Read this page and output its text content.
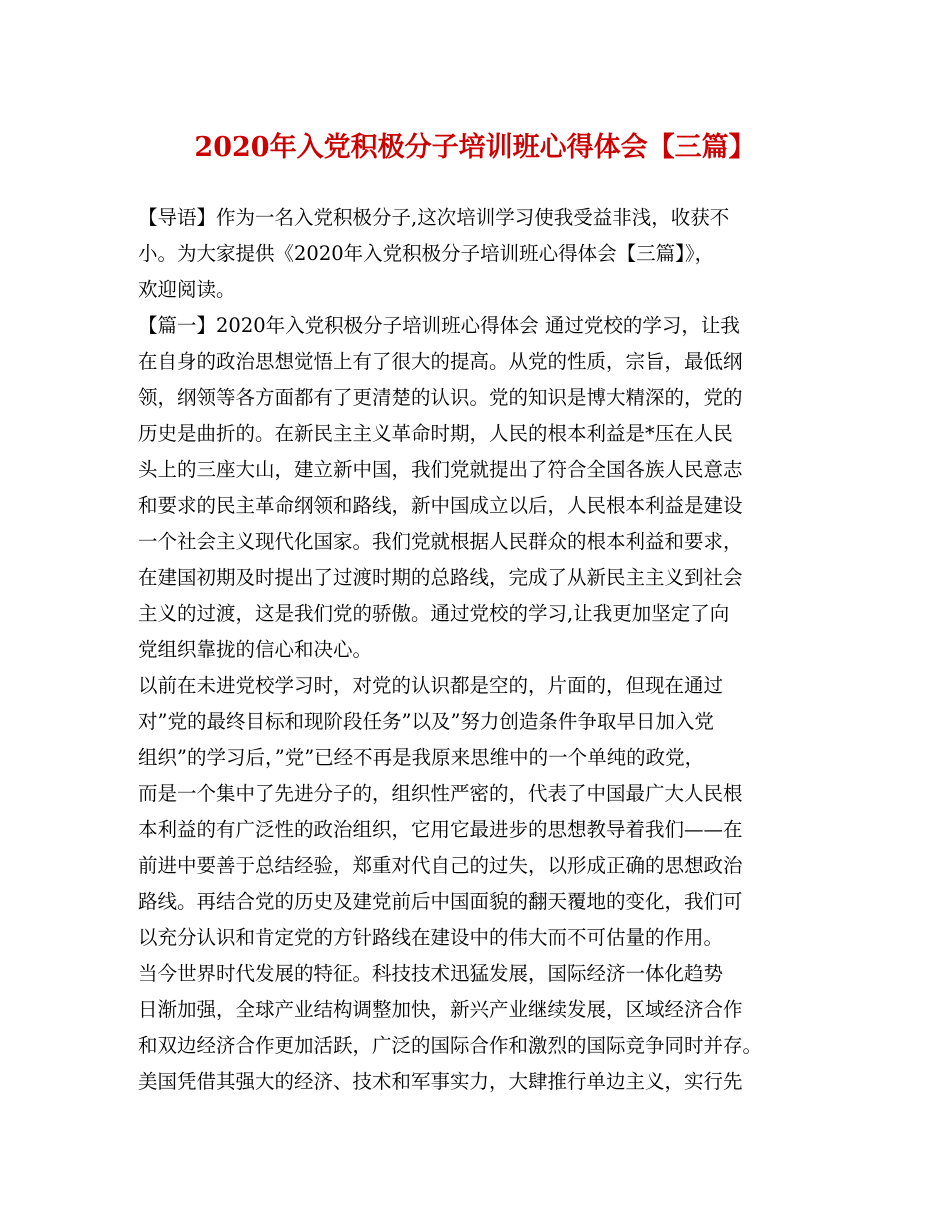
2020年入党积极分子培训班心得体会【三篇】
【导语】作为一名入党积极分子,这次培训学习使我受益非浅，收获不
小。为大家提供《2020年入党积极分子培训班心得体会【三篇】》，
欢迎阅读。
【篇一】2020年入党积极分子培训班心得体会 通过党校的学习，让我
在自身的政治思想觉悟上有了很大的提高。从党的性质，宗旨，最低纲
领，纲领等各方面都有了更清楚的认识。党的知识是博大精深的，党的
历史是曲折的。在新民主主义革命时期，人民的根本利益是*压在人民
头上的三座大山，建立新中国，我们党就提出了符合全国各族人民意志
和要求的民主革命纲领和路线，新中国成立以后，人民根本利益是建设
一个社会主义现代化国家。我们党就根据人民群众的根本利益和要求，
在建国初期及时提出了过渡时期的总路线，完成了从新民主主义到社会
主义的过渡，这是我们党的骄傲。通过党校的学习,让我更加坚定了向
党组织靠拢的信心和决心。
以前在未进党校学习时，对党的认识都是空的，片面的，但现在通过
对”党的最终目标和现阶段任务”以及”努力创造条件争取早日加入党
组织”的学习后，”党”已经不再是我原来思维中的一个单纯的政党，
而是一个集中了先进分子的，组织性严密的，代表了中国最广大人民根
本利益的有广泛性的政治组织，它用它最进步的思想教导着我们——在
前进中要善于总结经验，郑重对代自己的过失，以形成正确的思想政治
路线。再结合党的历史及建党前后中国面貌的翻天覆地的变化，我们可
以充分认识和肯定党的方针路线在建设中的伟大而不可估量的作用。
当今世界时代发展的特征。科技技术迅猛发展，国际经济一体化趋势
日渐加强，全球产业结构调整加快，新兴产业继续发展，区域经济合作
和双边经济合作更加活跃，广泛的国际合作和激烈的国际竞争同时并存。
美国凭借其强大的经济、技术和军事实力，大肆推行单边主义，实行先
